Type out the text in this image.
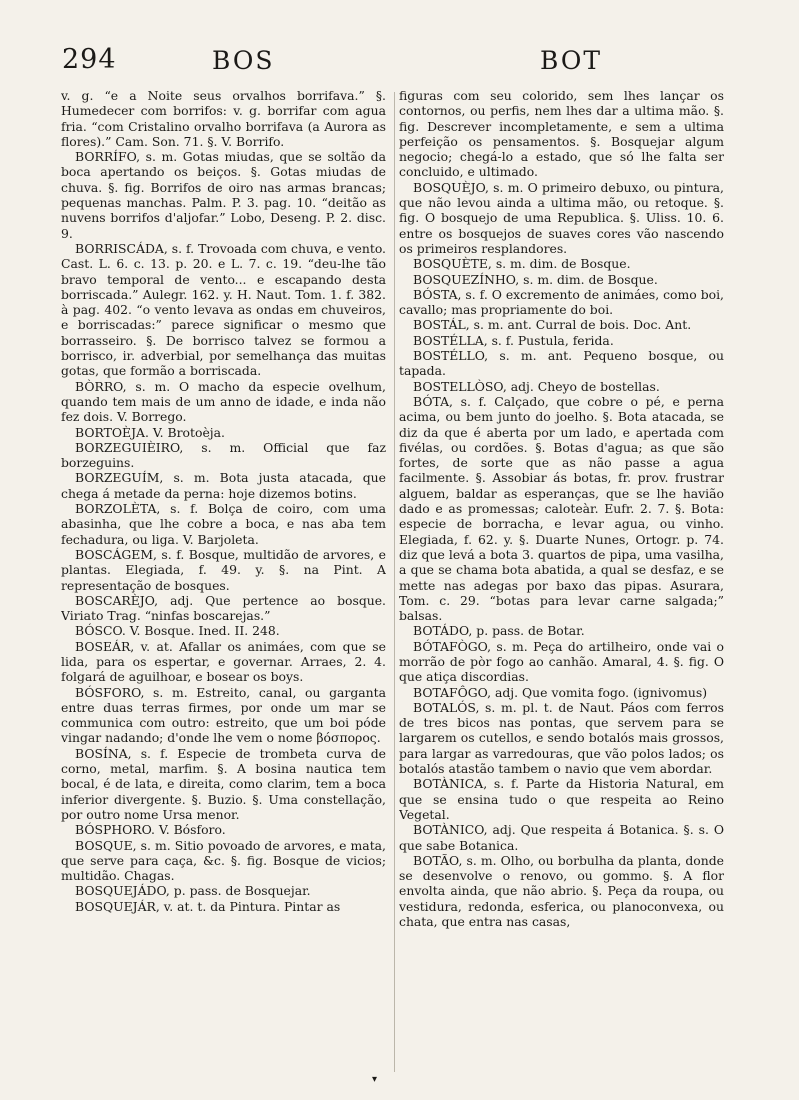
294	BOS	BOT

v. g. “e a Noite seus orvalhos borrifava.” §. Humedecer com borrifos: v. g. borrifar com agua fria. “com Cristalino orvalho borrifava (a Aurora as flores).” Cam. Son. 71. §. V. Borrifo.

BORRÍFO, s. m. Gotas miudas, que se soltão da boca apertando os beiços. §. Gotas miudas de chuva. §. fig. Borrifos de oiro nas armas brancas; pequenas manchas. Palm. P. 3. pag. 10. “deitão as nuvens borrifos d'aljofar.” Lobo, Deseng. P. 2. disc. 9.

BORRISCÁDA, s. f. Trovoada com chuva, e vento. Cast. L. 6. c. 13. p. 20. e L. 7. c. 19. “deu-lhe tão bravo temporal de vento... e escapando desta borriscada.” Aulegr. 162. y. H. Naut. Tom. 1. f. 382. à pag. 402. “o vento levava as ondas em chuveiros, e borriscadas:” parece significar o mesmo que borrasseiro. §. De borrisco talvez se formou a borrisco, ir. adverbial, por semelhança das muitas gotas, que formão a borriscada.

BÒRRO, s. m. O macho da especie ovelhum, quando tem mais de um anno de idade, e inda não fez dois. V. Borrego.

BORTOÈJA. V. Brotoèja.

BORZEGUIÈIRO, s. m. Official que faz borzeguins.

BORZEGUÍM, s. m. Bota justa atacada, que chega á metade da perna: hoje dizemos botins.

BORZOLÈTA, s. f. Bolça de coiro, com uma abasinha, que lhe cobre a boca, e nas aba tem fechadura, ou liga. V. Barjoleta.

BOSCÁGEM, s. f. Bosque, multidão de arvores, e plantas. Elegiada, f. 49. y. §. na Pint. A representação de bosques.

BOSCARÈJO, adj. Que pertence ao bosque. Viriato Trag. “ninfas boscarejas.”

BÓSCO. V. Bosque. Ined. II. 248.

BOSEÁR, v. at. Afallar os animáes, com que se lida, para os espertar, e governar. Arraes, 2. 4. folgará de aguilhoar, e bosear os boys.

BÓSFORO, s. m. Estreito, canal, ou garganta entre duas terras firmes, por onde um mar se communica com outro: estreito, que um boi póde vingar nadando; d'onde lhe vem o nome βόσπορος.

BOSÍNA, s. f. Especie de trombeta curva de corno, metal, marfim. §. A bosina nautica tem bocal, é de lata, e direita, como clarim, tem a boca inferior divergente. §. Buzio. §. Uma constellação, por outro nome Ursa menor.

BÓSPHORO. V. Bósforo.

BOSQUE, s. m. Sitio povoado de arvores, e mata, que serve para caça, &c. §. fig. Bosque de vicios; multidão. Chagas.

BOSQUEJÁDO, p. pass. de Bosquejar.

BOSQUEJÁR, v. at. t. da Pintura. Pintar as

figuras com seu colorido, sem lhes lançar os contornos, ou perfis, nem lhes dar a ultima mão. §. fig. Descrever incompletamente, e sem a ultima perfeição os pensamentos. §. Bosquejar algum negocio; chegá-lo a estado, que só lhe falta ser concluido, e ultimado.

BOSQUÈJO, s. m. O primeiro debuxo, ou pintura, que não levou ainda a ultima mão, ou retoque. §. fig. O bosquejo de uma Republica. §. Uliss. 10. 6. entre os bosquejos de suaves cores vão nascendo os primeiros resplandores.

BOSQUÈTE, s. m. dim. de Bosque.

BOSQUEZÍNHO, s. m. dim. de Bosque.

BÓSTA, s. f. O excremento de animáes, como boi, cavallo; mas propriamente do boi.

BOSTÁL, s. m. ant. Curral de bois. Doc. Ant.

BOSTÉLLA, s. f. Pustula, ferida.

BOSTÉLLO, s. m. ant. Pequeno bosque, ou tapada.

BOSTELLÒSO, adj. Cheyo de bostellas.

BÓTA, s. f. Calçado, que cobre o pé, e perna acima, ou bem junto do joelho. §. Bota atacada, se diz da que é aberta por um lado, e apertada com fivélas, ou cordões. §. Botas d'agua; as que são fortes, de sorte que as não passe a agua facilmente. §. Assobiar ás botas, fr. prov. frustrar alguem, baldar as esperanças, que se lhe havião dado e as promessas; caloteàr. Eufr. 2. 7. §. Bota: especie de borracha, e levar agua, ou vinho. Elegiada, f. 62. y. §. Duarte Nunes, Ortogr. p. 74. diz que levá a bota 3. quartos de pipa, uma vasilha, a que se chama bota abatida, a qual se desfaz, e se mette nas adegas por baxo das pipas. Asurara, Tom. c. 29. “botas para levar carne salgada;” balsas.

BOTÁDO, p. pass. de Botar.

BÓTAFÒGO, s. m. Peça do artilheiro, onde vai o morrão de pòr fogo ao canhão. Amaral, 4. §. fig. O que atiça discordias.

BOTAFÔGO, adj. Que vomita fogo. (ignivomus)

BOTALÓS, s. m. pl. t. de Naut. Páos com ferros de tres bicos nas pontas, que servem para se largarem os cutellos, e sendo botalós mais grossos, para largar as varredouras, que vão polos lados; os botalós atastão tambem o navio que vem abordar.

BOTÀNICA, s. f. Parte da Historia Natural, em que se ensina tudo o que respeita ao Reino Vegetal.

BOTÀNICO, adj. Que respeita á Botanica. §. s. O que sabe Botanica.

BOTÃO, s. m. Olho, ou borbulha da planta, donde se desenvolve o renovo, ou gommo. §. A flor envolta ainda, que não abrio. §. Peça da roupa, ou vestidura, redonda, esferica, ou planoconvexa, ou chata, que entra nas casas,

▾
